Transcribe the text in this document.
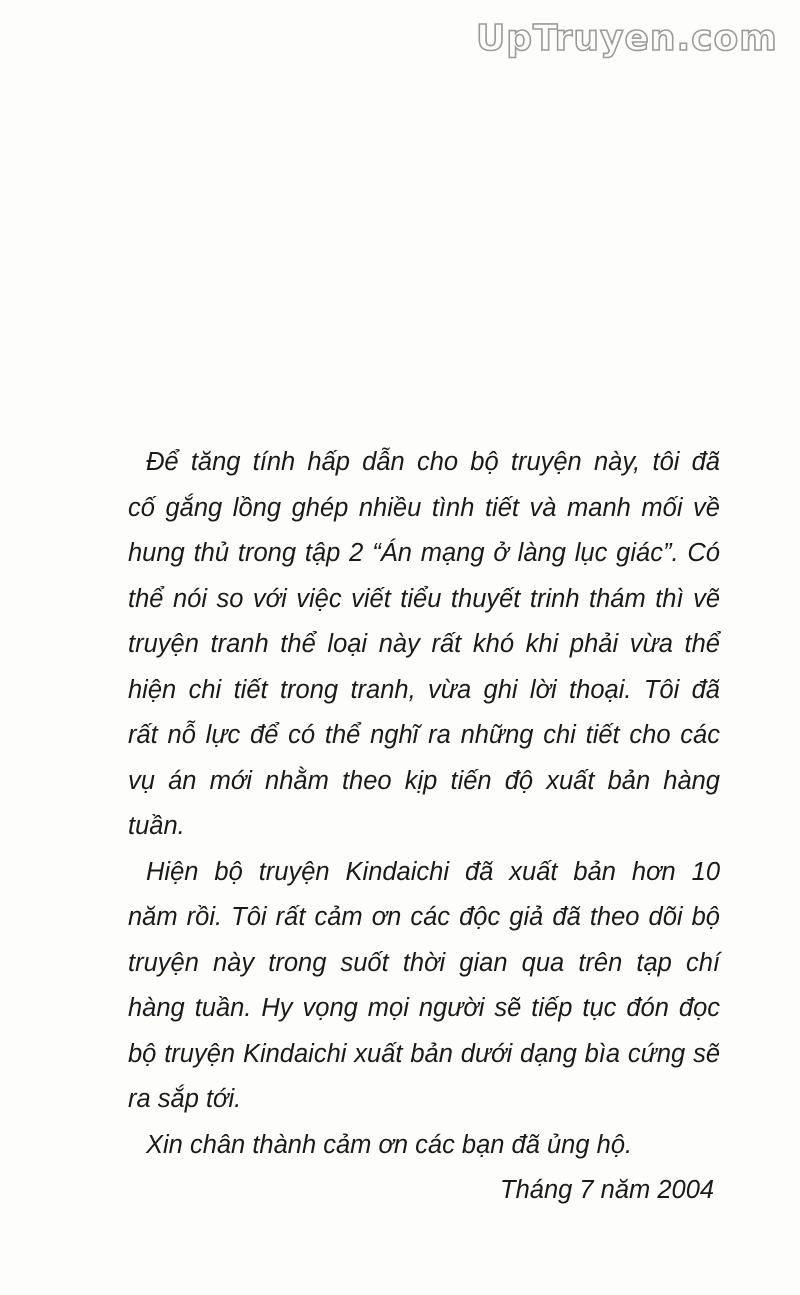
UpTruyen.com
Để tăng tính hấp dẫn cho bộ truyện này, tôi đã
cố gắng lồng ghép nhiều tình tiết và manh mối về
hung thủ trong tập 2 “Án mạng ở làng lục giác”. Có
thể nói so với việc viết tiểu thuyết trinh thám thì vẽ
truyện tranh thể loại này rất khó khi phải vừa thể
hiện chi tiết trong tranh, vừa ghi lời thoại. Tôi đã
rất nỗ lực để có thể nghĩ ra những chi tiết cho các
vụ án mới nhằm theo kịp tiến độ xuất bản hàng
tuần.
Hiện bộ truyện Kindaichi đã xuất bản hơn 10
năm rồi. Tôi rất cảm ơn các độc giả đã theo dõi bộ
truyện này trong suốt thời gian qua trên tạp chí
hàng tuần. Hy vọng mọi người sẽ tiếp tục đón đọc
bộ truyện Kindaichi xuất bản dưới dạng bìa cứng sẽ
ra sắp tới.
Xin chân thành cảm ơn các bạn đã ủng hộ.
Tháng 7 năm 2004
